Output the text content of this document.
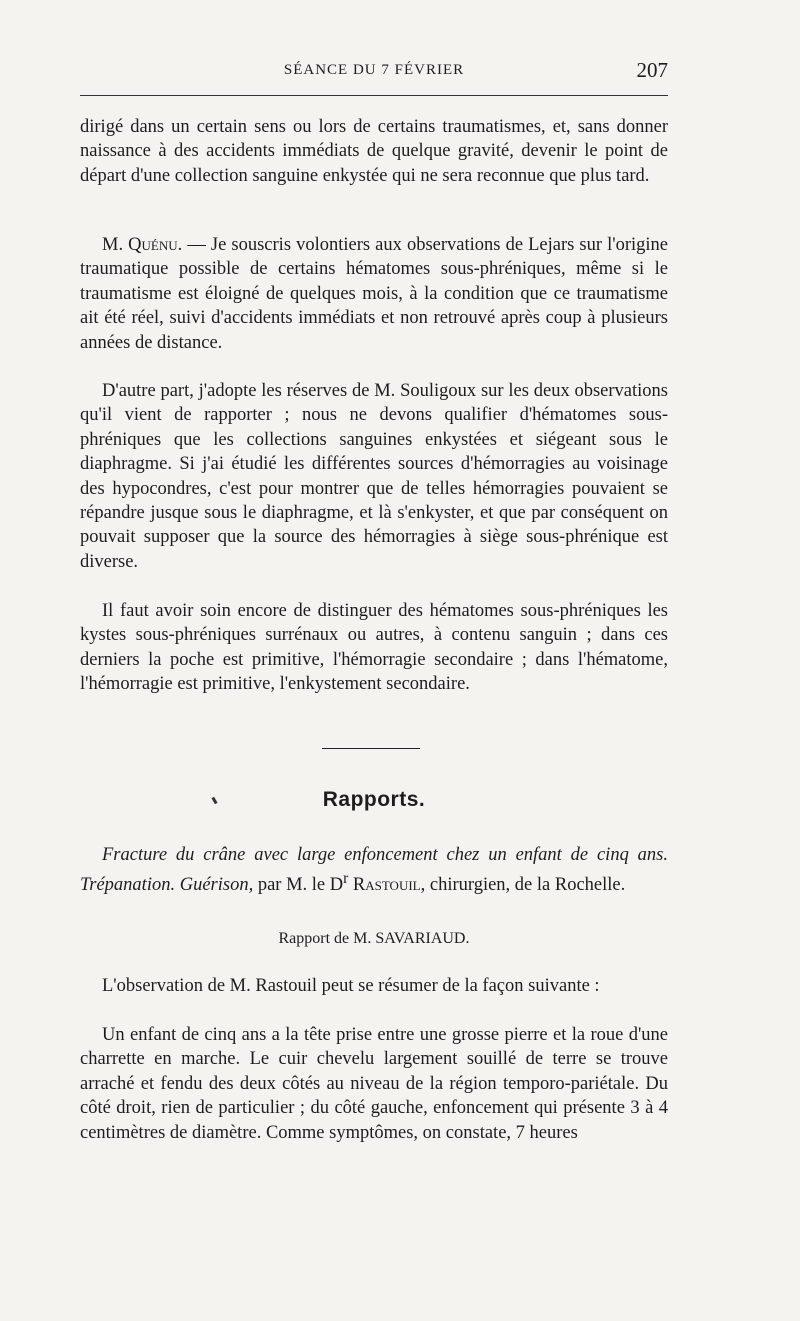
SÉANCE DU 7 FÉVRIER	207

dirigé dans un certain sens ou lors de certains traumatismes, et, sans donner naissance à des accidents immédiats de quelque gravité, devenir le point de départ d'une collection sanguine enkystée qui ne sera reconnue que plus tard.

M. Quénu. — Je souscris volontiers aux observations de Lejars sur l'origine traumatique possible de certains hématomes sous-phréniques, même si le traumatisme est éloigné de quelques mois, à la condition que ce traumatisme ait été réel, suivi d'accidents immédiats et non retrouvé après coup à plusieurs années de distance.

D'autre part, j'adopte les réserves de M. Souligoux sur les deux observations qu'il vient de rapporter ; nous ne devons qualifier d'hématomes sous-phréniques que les collections sanguines enkystées et siégeant sous le diaphragme. Si j'ai étudié les différentes sources d'hémorragies au voisinage des hypocondres, c'est pour montrer que de telles hémorragies pouvaient se répandre jusque sous le diaphragme, et là s'enkyster, et que par conséquent on pouvait supposer que la source des hémorragies à siège sous-phrénique est diverse.

Il faut avoir soin encore de distinguer des hématomes sous-phréniques les kystes sous-phréniques surrénaux ou autres, à contenu sanguin ; dans ces derniers la poche est primitive, l'hémorragie secondaire ; dans l'hématome, l'hémorragie est primitive, l'enkystement secondaire.

Rapports.

Fracture du crâne avec large enfoncement chez un enfant de cinq ans. Trépanation. Guérison, par M. le $D^r$ Rastouil, chirurgien, de la Rochelle.

Rapport de M. SAVARIAUD.

L'observation de M. Rastouil peut se résumer de la façon suivante :

Un enfant de cinq ans a la tête prise entre une grosse pierre et la roue d'une charrette en marche. Le cuir chevelu largement souillé de terre se trouve arraché et fendu des deux côtés au niveau de la région temporo-pariétale. Du côté droit, rien de particulier ; du côté gauche, enfoncement qui présente 3 à 4 centimètres de diamètre. Comme symptômes, on constate, 7 heures
